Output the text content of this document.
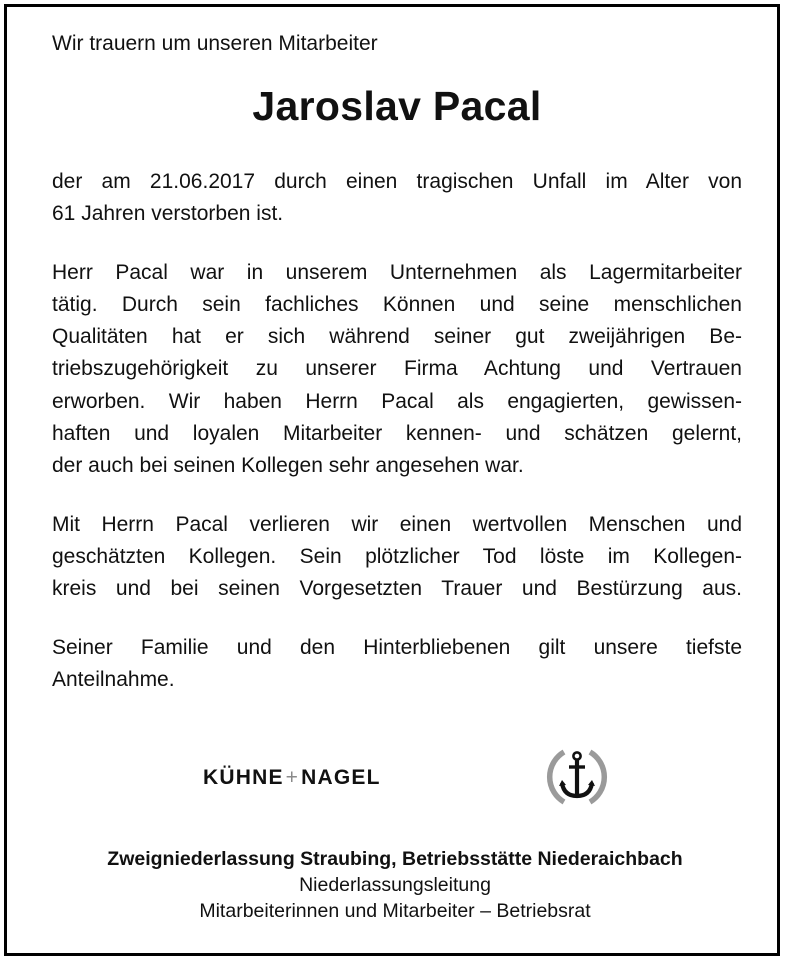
Wir trauern um unseren Mitarbeiter

Jaroslav Pacal

der am 21.06.2017 durch einen tragischen Unfall im Alter von
61 Jahren verstorben ist.

Herr Pacal war in unserem Unternehmen als Lagermitarbeiter
tätig. Durch sein fachliches Können und seine menschlichen
Qualitäten hat er sich während seiner gut zweijährigen Be-
triebszugehörigkeit zu unserer Firma Achtung und Vertrauen
erworben. Wir haben Herrn Pacal als engagierten, gewissen-
haften und loyalen Mitarbeiter kennen- und schätzen gelernt,
der auch bei seinen Kollegen sehr angesehen war.

Mit Herrn Pacal verlieren wir einen wertvollen Menschen und
geschätzten Kollegen. Sein plötzlicher Tod löste im Kollegen-
kreis und bei seinen Vorgesetzten Trauer und Bestürzung aus.

Seiner Familie und den Hinterbliebenen gilt unsere tiefste
Anteilnahme.

KÜHNE+NAGEL

Zweigniederlassung Straubing, Betriebsstätte Niederaichbach

Niederlassungsleitung

Mitarbeiterinnen und Mitarbeiter – Betriebsrat
